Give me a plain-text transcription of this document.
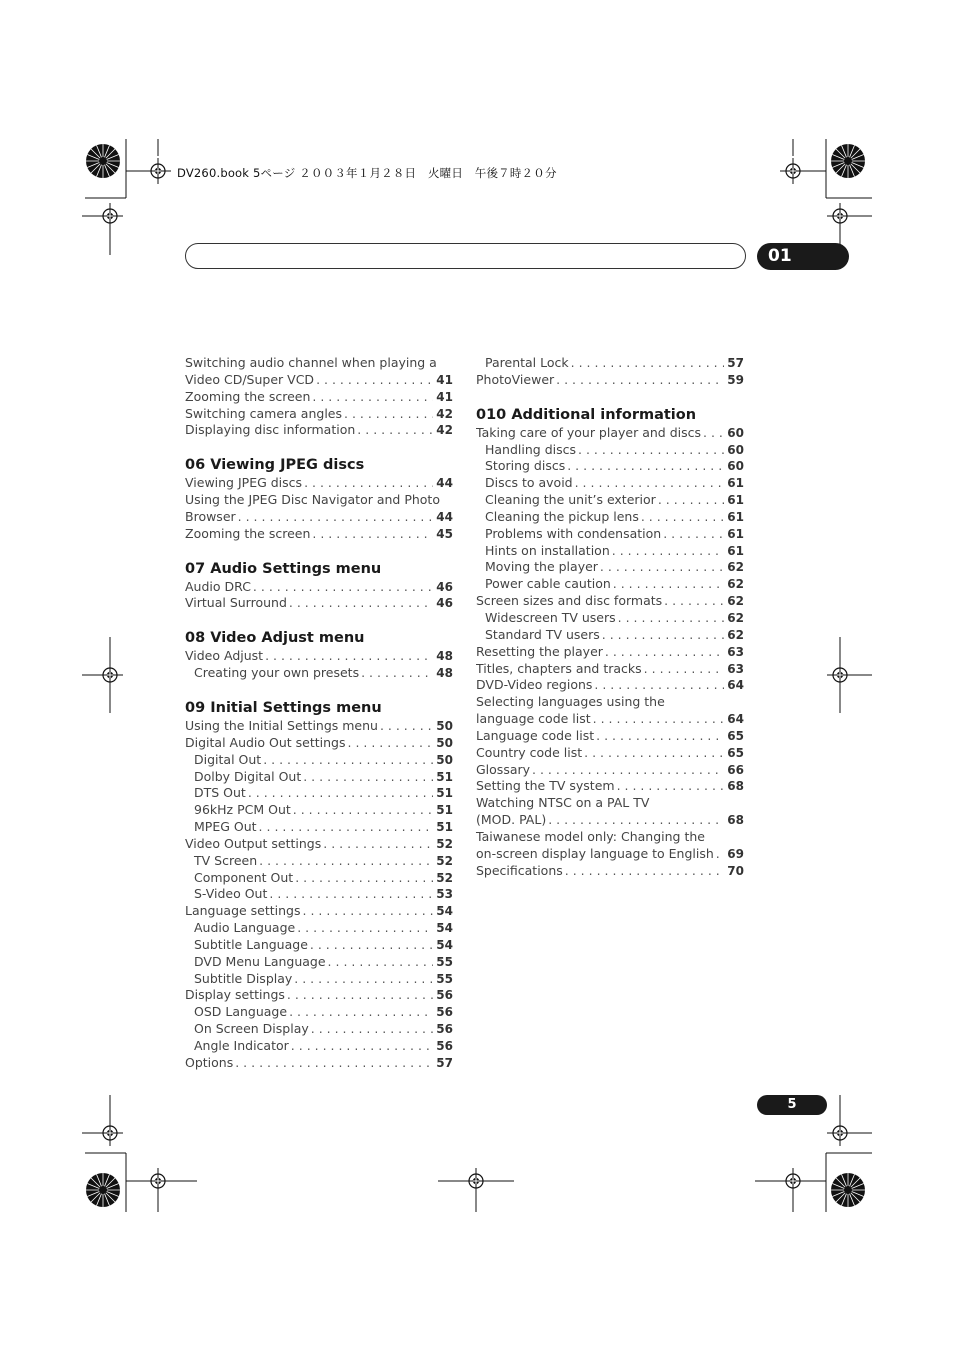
DV260.book 5ページ ２００３年１月２８日　火曜日　午後７時２０分
01
Switching audio channel when playing a
Video CD/Super VCD . . .	41
Zooming the screen . . .	41
Switching camera angles . . .	42
Displaying disc information . . .	42
06 Viewing JPEG discs
Viewing JPEG discs . . .	44
Using the JPEG Disc Navigator and Photo
Browser . . .	44
Zooming the screen . . .	45
07 Audio Settings menu
Audio DRC . . .	46
Virtual Surround . . .	46
08 Video Adjust menu
Video Adjust . . .	48
Creating your own presets . . .	48
09 Initial Settings menu
Using the Initial Settings menu . . .	50
Digital Audio Out settings . . .	50
Digital Out . . .	50
Dolby Digital Out . . .	51
DTS Out . . .	51
96kHz PCM Out . . .	51
MPEG Out . . .	51
Video Output settings . . .	52
TV Screen . . .	52
Component Out . . .	52
S-Video Out . . .	53
Language settings . . .	54
Audio Language . . .	54
Subtitle Language . . .	54
DVD Menu Language . . .	55
Subtitle Display . . .	55
Display settings . . .	56
OSD Language . . .	56
On Screen Display . . .	56
Angle Indicator . . .	56
Options . . .	57
Parental Lock . . .	57
PhotoViewer . . .	59
010 Additional information
Taking care of your player and discs . . . 60
Handling discs . . .	60
Storing discs . . .	60
Discs to avoid . . .	61
Cleaning the unit’s exterior . . .	61
Cleaning the pickup lens . . .	61
Problems with condensation . . .	61
Hints on installation . . .	61
Moving the player . . .	62
Power cable caution . . .	62
Screen sizes and disc formats . . .	62
Widescreen TV users . . .	62
Standard TV users . . .	62
Resetting the player . . .	63
Titles, chapters and tracks . . .	63
DVD-Video regions . . .	64
Selecting languages using the
language code list . . .	64
Language code list . . .	65
Country code list . . .	65
Glossary . . .	66
Setting the TV system . . .	68
Watching NTSC on a PAL TV
(MOD. PAL) . . .	68
Taiwanese model only: Changing the
on-screen display language to English . . . 69
Specifications . . .	70
5
